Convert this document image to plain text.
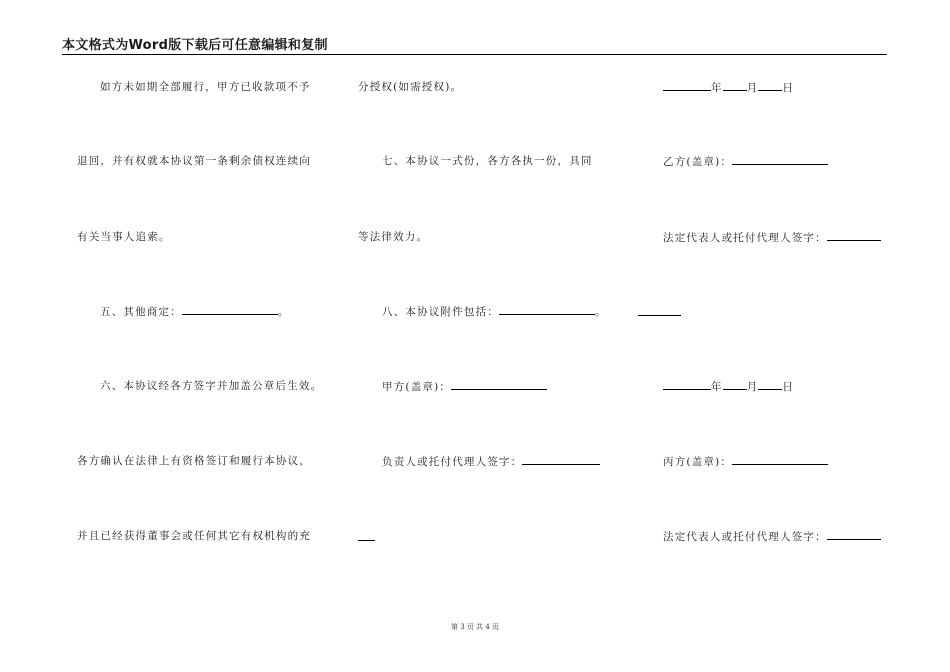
本文格式为Word版下载后可任意编辑和复制
如方未如期全部履行，甲方已收款项不予
退回，并有权就本协议第一条剩余债权连续向
有关当事人追索。
五、其他商定：	。
六、本协议经各方签字并加盖公章后生效。
各方确认在法律上有资格签订和履行本协议，
并且已经获得董事会或任何其它有权机构的充
分授权(如需授权)。
七、本协议一式份，各方各执一份，具同
等法律效力。
八、本协议附件包括：	。
甲方(盖章)：
负责人或托付代理人签字：
年 月 日
乙方(盖章)：
法定代表人或托付代理人签字：
年 月 日
丙方(盖章)：
法定代表人或托付代理人签字：
第 3 页 共 4 页
